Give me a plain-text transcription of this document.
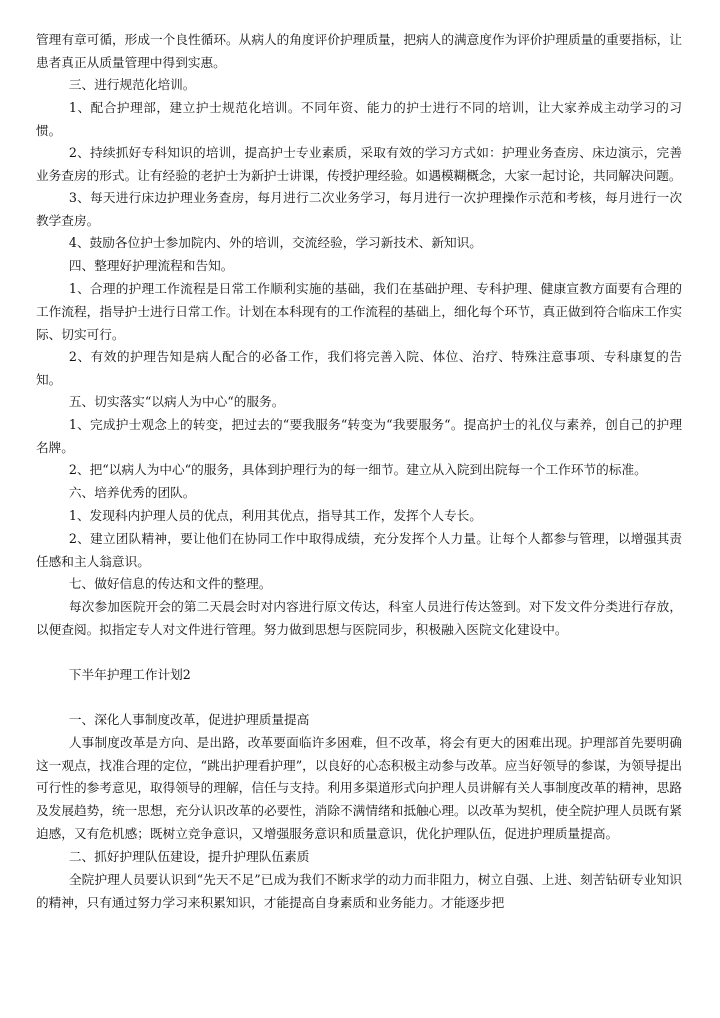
管理有章可循，形成一个良性循环。从病人的角度评价护理质量，把病人的满意度作为评价护理质量的重要指标，让患者真正从质量管理中得到实惠。

三、进行规范化培训。

1、配合护理部，建立护士规范化培训。不同年资、能力的护士进行不同的培训，让大家养成主动学习的习惯。

2、持续抓好专科知识的培训，提高护士专业素质，采取有效的学习方式如：护理业务查房、床边演示，完善业务查房的形式。让有经验的老护士为新护士讲课，传授护理经验。如遇模糊概念，大家一起讨论，共同解决问题。

3、每天进行床边护理业务查房，每月进行二次业务学习，每月进行一次护理操作示范和考核，每月进行一次教学查房。

4、鼓励各位护士参加院内、外的培训，交流经验，学习新技术、新知识。

四、整理好护理流程和告知。

1、合理的护理工作流程是日常工作顺利实施的基础，我们在基础护理、专科护理、健康宣教方面要有合理的工作流程，指导护士进行日常工作。计划在本科现有的工作流程的基础上，细化每个环节，真正做到符合临床工作实际、切实可行。

2、有效的护理告知是病人配合的必备工作，我们将完善入院、体位、治疗、特殊注意事项、专科康复的告知。

五、切实落实“以病人为中心“的服务。

1、完成护士观念上的转变，把过去的“要我服务“转变为“我要服务“。提高护士的礼仪与素养，创自己的护理名牌。

2、把“以病人为中心“的服务，具体到护理行为的每一细节。建立从入院到出院每一个工作环节的标准。

六、培养优秀的团队。

1、发现科内护理人员的优点，利用其优点，指导其工作，发挥个人专长。

2、建立团队精神，要让他们在协同工作中取得成绩，充分发挥个人力量。让每个人都参与管理，以增强其责任感和主人翁意识。

七、做好信息的传达和文件的整理。

每次参加医院开会的第二天晨会时对内容进行原文传达，科室人员进行传达签到。对下发文件分类进行存放，以便查阅。拟指定专人对文件进行管理。努力做到思想与医院同步，积极融入医院文化建设中。

下半年护理工作计划2

一、深化人事制度改革，促进护理质量提高

人事制度改革是方向、是出路，改革要面临许多困难，但不改革，将会有更大的困难出现。护理部首先要明确这一观点，找准合理的定位，“跳出护理看护理”，以良好的心态积极主动参与改革。应当好领导的参谋，为领导提出可行性的参考意见，取得领导的理解，信任与支持。利用多渠道形式向护理人员讲解有关人事制度改革的精神，思路及发展趋势，统一思想，充分认识改革的必要性，消除不满情绪和抵触心理。以改革为契机，使全院护理人员既有紧迫感，又有危机感；既树立竞争意识，又增强服务意识和质量意识，优化护理队伍，促进护理质量提高。

二、抓好护理队伍建设，提升护理队伍素质

全院护理人员要认识到“先天不足”已成为我们不断求学的动力而非阻力，树立自强、上进、刻苦钻研专业知识的精神，只有通过努力学习来积累知识，才能提高自身素质和业务能力。才能逐步把
